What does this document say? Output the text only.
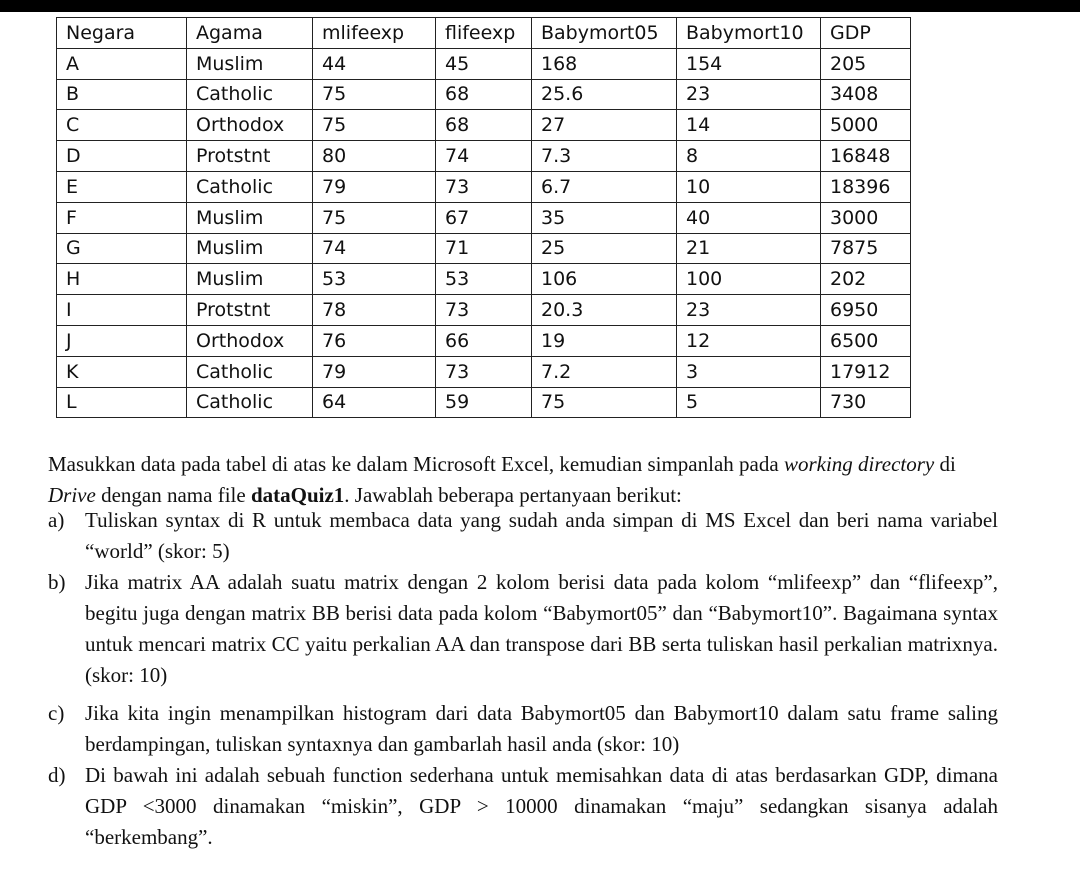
Negara	Agama	mlifeexp	flifeexp	Babymort05	Babymort10	GDP
A	Muslim	44	45	168	154	205
B	Catholic	75	68	25.6	23	3408
C	Orthodox	75	68	27	14	5000
D	Protstnt	80	74	7.3	8	16848
E	Catholic	79	73	6.7	10	18396
F	Muslim	75	67	35	40	3000
G	Muslim	74	71	25	21	7875
H	Muslim	53	53	106	100	202
I	Protstnt	78	73	20.3	23	6950
J	Orthodox	76	66	19	12	6500
K	Catholic	79	73	7.2	3	17912
L	Catholic	64	59	75	5	730

Masukkan data pada tabel di atas ke dalam Microsoft Excel, kemudian simpanlah pada working directory di Drive dengan nama file dataQuiz1. Jawablah beberapa pertanyaan berikut:

a) Tuliskan syntax di R untuk membaca data yang sudah anda simpan di MS Excel dan beri nama variabel “world” (skor: 5)
b) Jika matrix AA adalah suatu matrix dengan 2 kolom berisi data pada kolom “mlifeexp” dan “flifeexp”, begitu juga dengan matrix BB berisi data pada kolom “Babymort05” dan “Babymort10”. Bagaimana syntax untuk mencari matrix CC yaitu perkalian AA dan transpose dari BB serta tuliskan hasil perkalian matrixnya. (skor: 10)
c) Jika kita ingin menampilkan histogram dari data Babymort05 dan Babymort10 dalam satu frame saling berdampingan, tuliskan syntaxnya dan gambarlah hasil anda (skor: 10)
d) Di bawah ini adalah sebuah function sederhana untuk memisahkan data di atas berdasarkan GDP, dimana GDP <3000 dinamakan “miskin”, GDP > 10000 dinamakan “maju” sedangkan sisanya adalah “berkembang”.
